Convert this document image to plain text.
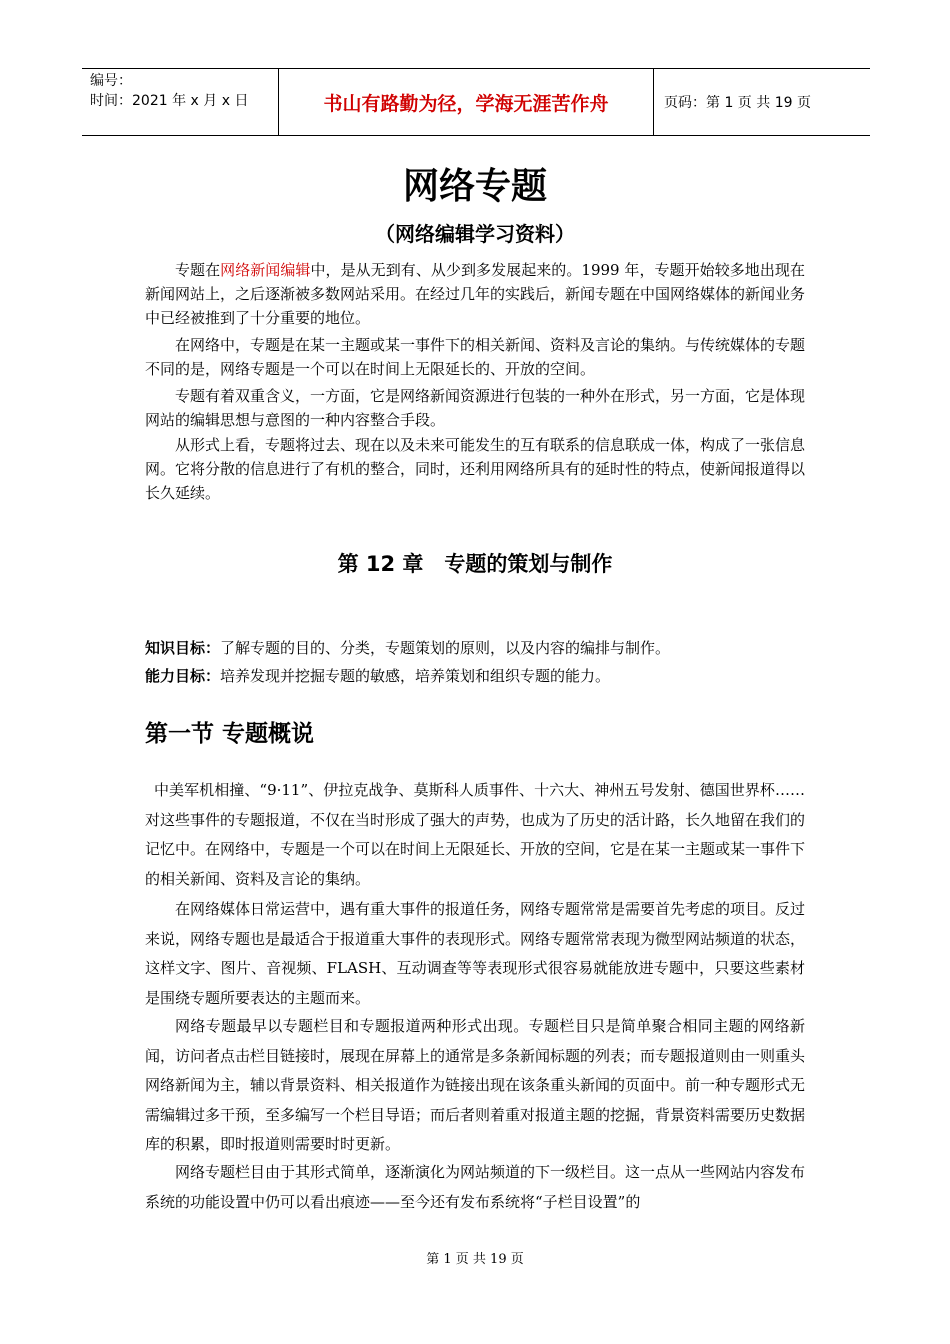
编号：
时间：2021 年 x 月 x 日	书山有路勤为径，学海无涯苦作舟	页码：第 1 页 共 19 页
网络专题
（网络编辑学习资料）

专题在网络新闻编辑中，是从无到有、从少到多发展起来的。1999 年，专题开始较多地出现在新闻网站上，之后逐渐被多数网站采用。在经过几年的实践后，新闻专题在中国网络媒体的新闻业务中已经被推到了十分重要的地位。

在网络中，专题是在某一主题或某一事件下的相关新闻、资料及言论的集纳。与传统媒体的专题不同的是，网络专题是一个可以在时间上无限延长的、开放的空间。

专题有着双重含义，一方面，它是网络新闻资源进行包装的一种外在形式，另一方面，它是体现网站的编辑思想与意图的一种内容整合手段。

从形式上看，专题将过去、现在以及未来可能发生的互有联系的信息联成一体，构成了一张信息网。它将分散的信息进行了有机的整合，同时，还利用网络所具有的延时性的特点，使新闻报道得以长久延续。

第 12 章　专题的策划与制作

知识目标：了解专题的目的、分类，专题策划的原则，以及内容的编排与制作。

能力目标：培养发现并挖掘专题的敏感，培养策划和组织专题的能力。

第一节 专题概说

中美军机相撞、“9·11”、伊拉克战争、莫斯科人质事件、十六大、神州五号发射、德国世界杯……对这些事件的专题报道，不仅在当时形成了强大的声势，也成为了历史的活计路，长久地留在我们的记忆中。在网络中，专题是一个可以在时间上无限延长、开放的空间，它是在某一主题或某一事件下的相关新闻、资料及言论的集纳。

在网络媒体日常运营中，遇有重大事件的报道任务，网络专题常常是需要首先考虑的项目。反过来说，网络专题也是最适合于报道重大事件的表现形式。网络专题常常表现为微型网站频道的状态，这样文字、图片、音视频、FLASH、互动调查等等表现形式很容易就能放进专题中，只要这些素材是围绕专题所要表达的主题而来。

网络专题最早以专题栏目和专题报道两种形式出现。专题栏目只是简单聚合相同主题的网络新闻，访问者点击栏目链接时，展现在屏幕上的通常是多条新闻标题的列表；而专题报道则由一则重头网络新闻为主，辅以背景资料、相关报道作为链接出现在该条重头新闻的页面中。前一种专题形式无需编辑过多干预，至多编写一个栏目导语；而后者则着重对报道主题的挖掘，背景资料需要历史数据库的积累，即时报道则需要时时更新。

网络专题栏目由于其形式简单，逐渐演化为网站频道的下一级栏目。这一点从一些网站内容发布系统的功能设置中仍可以看出痕迹——至今还有发布系统将“子栏目设置”的

第 1 页 共 19 页
